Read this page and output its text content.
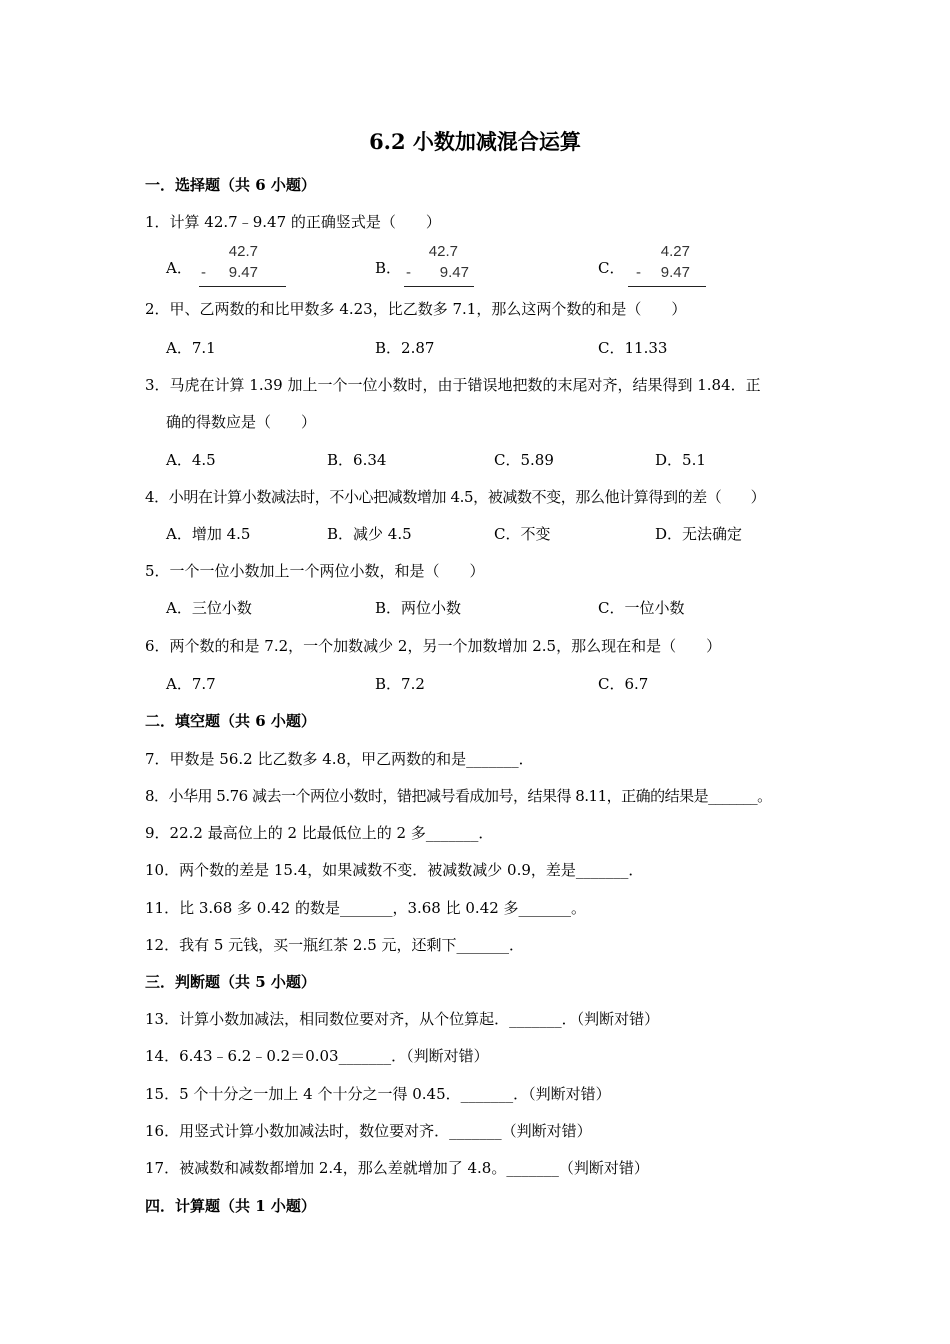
6.2 小数加减混合运算
一．选择题（共 6 小题）
1．计算 42.7﹣9.47 的正确竖式是（　　）
A．
42.7
- 9.47	B．
42.7
- 9.47	C．
4.27
- 9.47
2．甲、乙两数的和比甲数多 4.23，比乙数多 7.1，那么这两个数的和是（　　）
A．7.1	B．2.87	C．11.33
3．马虎在计算 1.39 加上一个一位小数时，由于错误地把数的末尾对齐，结果得到 1.84．正
确的得数应是（　　）
A．4.5	B．6.34	C．5.89	D．5.1
4．小明在计算小数减法时，不小心把减数增加 4.5，被减数不变，那么他计算得到的差（　　）
A．增加 4.5	B．减少 4.5	C．不变	D．无法确定
5．一个一位小数加上一个两位小数，和是（　　）
A．三位小数	B．两位小数	C．一位小数
6．两个数的和是 7.2，一个加数减少 2，另一个加数增加 2.5，那么现在和是（　　）
A．7.7	B．7.2	C．6.7
二．填空题（共 6 小题）
7．甲数是 56.2 比乙数多 4.8，甲乙两数的和是_______．
8．小华用 5.76 减去一个两位小数时，错把减号看成加号，结果得 8.11，正确的结果是_______。
9．22.2 最高位上的 2 比最低位上的 2 多_______．
10．两个数的差是 15.4，如果减数不变．被减数减少 0.9，差是_______．
11．比 3.68 多 0.42 的数是_______，3.68 比 0.42 多_______。
12．我有 5 元钱，买一瓶红茶 2.5 元，还剩下_______．
三．判断题（共 5 小题）
13．计算小数加减法，相同数位要对齐，从个位算起．_______．（判断对错）
14．6.43﹣6.2﹣0.2＝0.03_______．（判断对错）
15．5 个十分之一加上 4 个十分之一得 0.45．_______．（判断对错）
16．用竖式计算小数加减法时，数位要对齐．_______（判断对错）
17．被减数和减数都增加 2.4，那么差就增加了 4.8。_______（判断对错）
四．计算题（共 1 小题）
